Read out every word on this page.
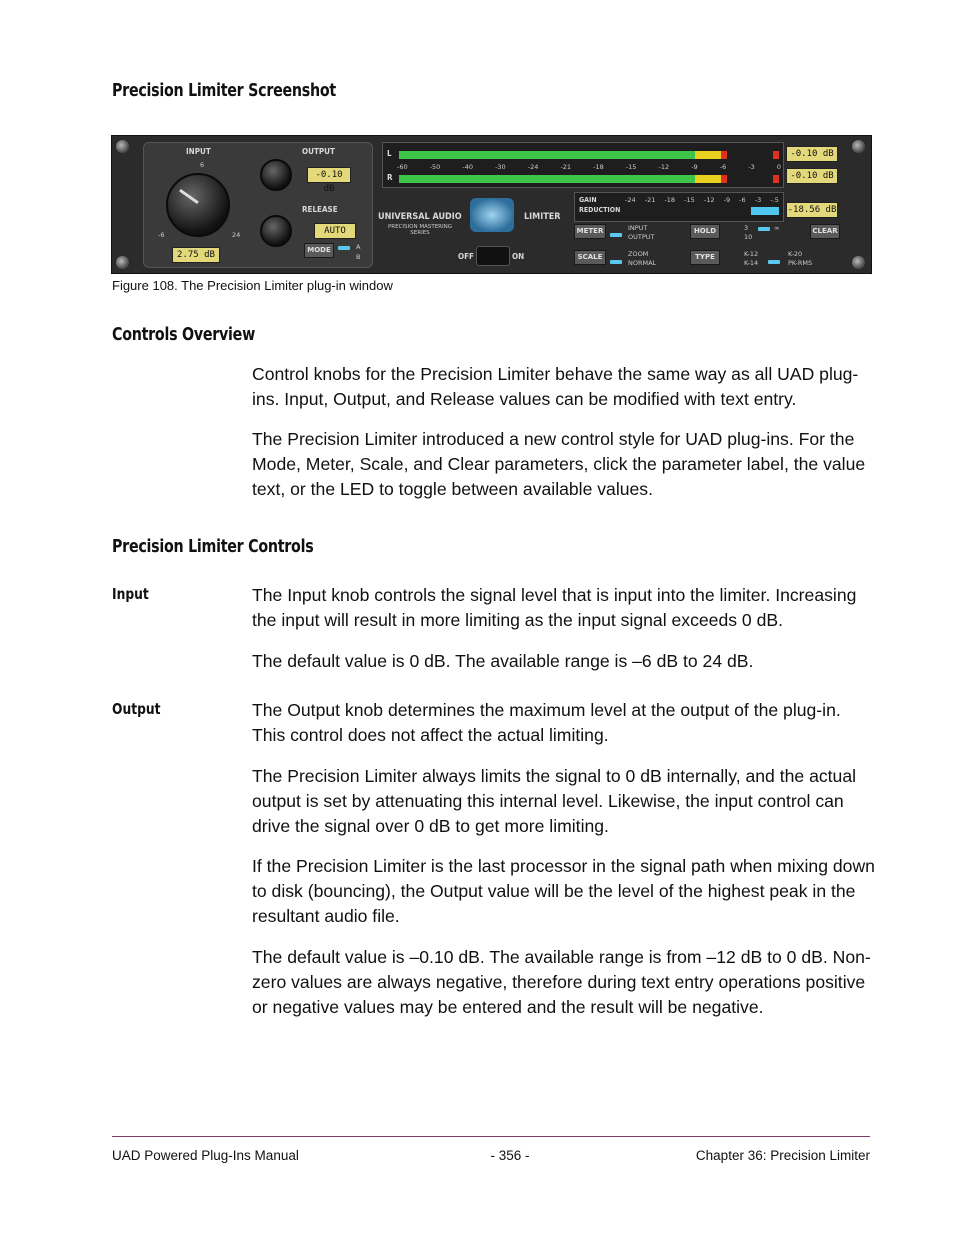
Precision Limiter Screenshot
INPUT
-6
6
24
2.75 dB
OUTPUT
-0.10 dB
RELEASE
AUTO
MODE	A
B
UNIVERSAL AUDIO
PRECISION MASTERING SERIES
LIMITER
OFF	ON
L
R
-60	-50	-40	-30	-24	-21	-18	-15	-12	-9	-6	-3	0
-0.10 dB
-0.10 dB
GAIN
REDUCTION
-24 -21 -18 -15 -12 -9 -6 -3 -.5
-18.56 dB
METER	INPUT
OUTPUT
HOLD	3
10
∞	CLEAR
SCALE	ZOOM
NORMAL
TYPE	K-12
K-14
K-20
PK-RMS
Figure 108. The Precision Limiter plug-in window
Controls Overview

Control knobs for the Precision Limiter behave the same way as all UAD plug-ins. Input, Output, and Release values can be modified with text entry.

The Precision Limiter introduced a new control style for UAD plug-ins. For the Mode, Meter, Scale, and Clear parameters, click the parameter label, the value text, or the LED to toggle between available values.

Precision Limiter Controls
Input	The Input knob controls the signal level that is input into the limiter. Increasing the input will result in more limiting as the input signal exceeds 0 dB.

The default value is 0 dB. The available range is –6 dB to 24 dB.

Output	The Output knob determines the maximum level at the output of the plug-in. This control does not affect the actual limiting.

The Precision Limiter always limits the signal to 0 dB internally, and the actual output is set by attenuating this internal level. Likewise, the input control can drive the signal over 0 dB to get more limiting.

If the Precision Limiter is the last processor in the signal path when mixing down to disk (bouncing), the Output value will be the level of the highest peak in the resultant audio file.

The default value is –0.10 dB. The available range is from –12 dB to 0 dB. Non-zero values are always negative, therefore during text entry operations positive or negative values may be entered and the result will be negative.

UAD Powered Plug-Ins Manual	- 356 -	Chapter 36: Precision Limiter
